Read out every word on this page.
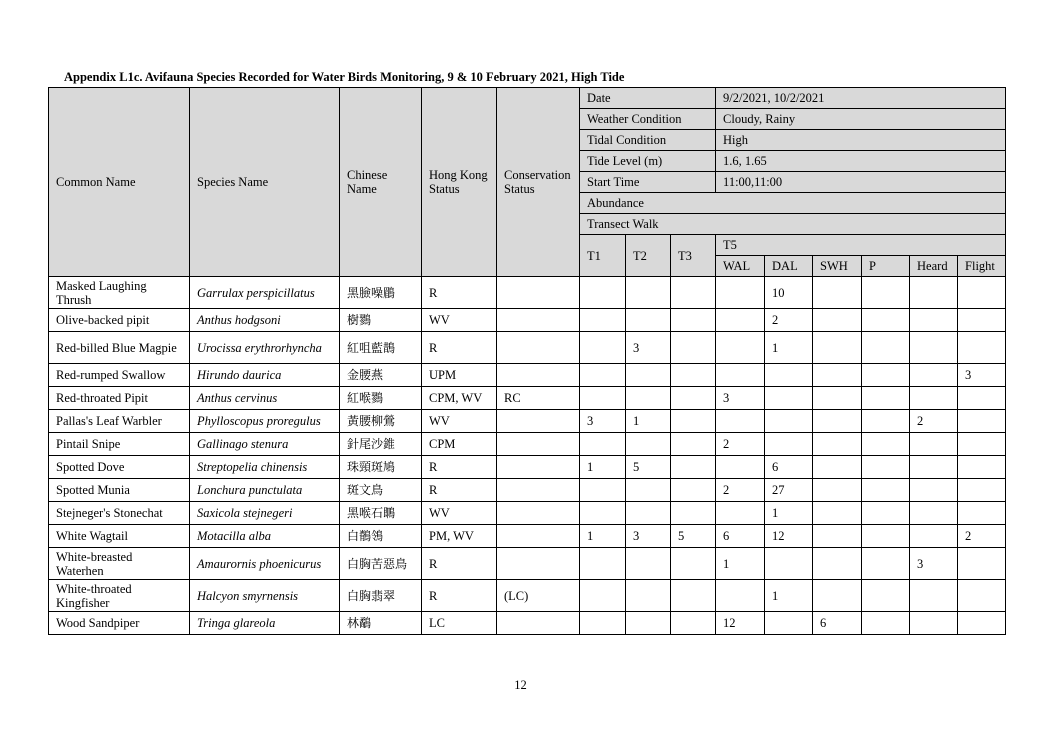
Appendix L1c. Avifauna Species Recorded for Water Birds Monitoring, 9 & 10 February 2021, High Tide
Common Name	Species Name	Chinese Name	Hong Kong Status	Conservation Status	Date			9/2/2021, 10/2/2021					
					Weather Condition			Cloudy, Rainy					
					Tidal Condition			High					
					Tide Level (m)			1.6, 1.65					
					Start Time			11:00,11:00					
					Abundance								
					Transect Walk								
					T1	T2	T3	T5					
								WAL	DAL	SWH	P	Heard	Flight
Masked Laughing Thrush	Garrulax perspicillatus	黑臉噪鶥	R						10				
Olive-backed pipit	Anthus hodgsoni	樹鷚	WV						2				
Red-billed Blue Magpie	Urocissa erythrorhyncha	紅咀藍鵲	R			3			1				
Red-rumped Swallow	Hirundo daurica	金腰燕	UPM										3
Red-throated Pipit	Anthus cervinus	紅喉鷚	CPM, WV	RC				3					
Pallas's Leaf Warbler	Phylloscopus proregulus	黃腰柳鶯	WV		3	1						2	
Pintail Snipe	Gallinago stenura	針尾沙錐	CPM					2					
Spotted Dove	Streptopelia chinensis	珠頸斑鳩	R		1	5			6				
Spotted Munia	Lonchura punctulata	斑文鳥	R					2	27				
Stejneger's Stonechat	Saxicola stejnegeri	黑喉石䳭	WV						1				
White Wagtail	Motacilla alba	白鶺鴒	PM, WV		1	3	5	6	12				2
White-breasted Waterhen	Amaurornis phoenicurus	白胸苦惡鳥	R					1				3	
White-throated Kingfisher	Halcyon smyrnensis	白胸翡翠	R	(LC)					1				
Wood Sandpiper	Tringa glareola	林鷸	LC					12		6			
12
